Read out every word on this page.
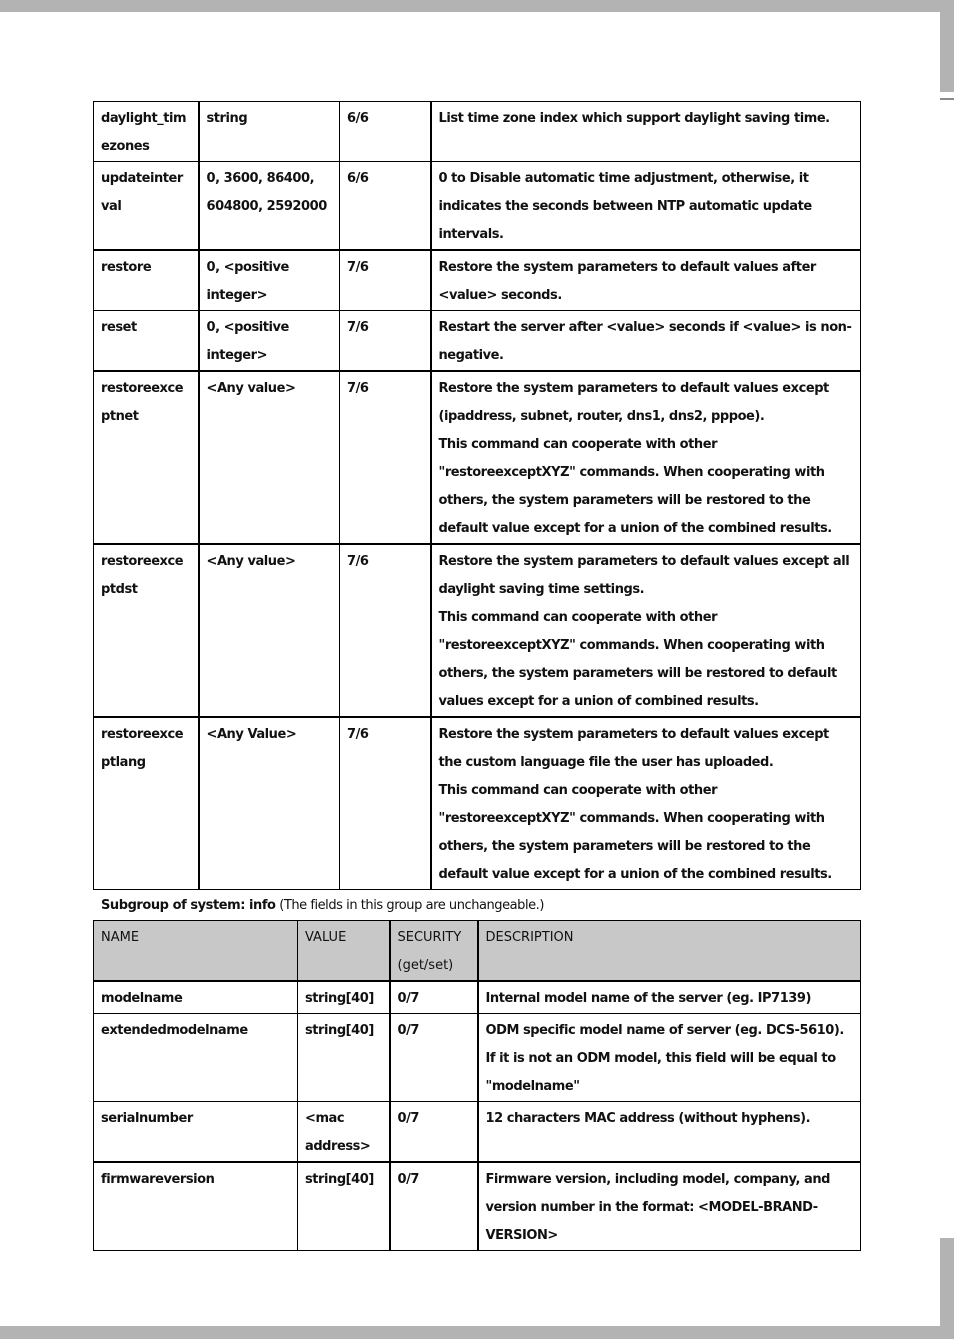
daylight_timezones	string	6/6	List time zone index which support daylight saving time.
updateinterval	0, 3600, 86400, 604800, 2592000	6/6	0 to Disable automatic time adjustment, otherwise, it indicates the seconds between NTP automatic update intervals.
restore	0, <positive integer>	7/6	Restore the system parameters to default values after <value> seconds.
reset	0, <positive integer>	7/6	Restart the server after <value> seconds if <value> is non-negative.
restoreexceptnet	<Any value>	7/6	Restore the system parameters to default values except (ipaddress, subnet, router, dns1, dns2, pppoe).
This command can cooperate with other "restoreexceptXYZ" commands. When cooperating with others, the system parameters will be restored to the default value except for a union of the combined results.

restoreexceptdst	<Any value>	7/6	Restore the system parameters to default values except all daylight saving time settings.
This command can cooperate with other "restoreexceptXYZ" commands. When cooperating with others, the system parameters will be restored to default values except for a union of combined results.

restoreexceptlang	<Any Value>	7/6	Restore the system parameters to default values except the custom language file the user has uploaded.
This command can cooperate with other "restoreexceptXYZ" commands. When cooperating with others, the system parameters will be restored to the default value except for a union of the combined results.
Subgroup of system: info (The fields in this group are unchangeable.)
NAME	VALUE	SECURITY (get/set)	DESCRIPTION
modelname	string[40]	0/7	Internal model name of the server (eg. IP7139)
extendedmodelname	string[40]	0/7	ODM specific model name of server (eg. DCS-5610). If it is not an ODM model, this field will be equal to "modelname"
serialnumber	<mac address>	0/7	12 characters MAC address (without hyphens).
firmwareversion	string[40]	0/7	Firmware version, including model, company, and version number in the format: <MODEL-BRAND-VERSION>
